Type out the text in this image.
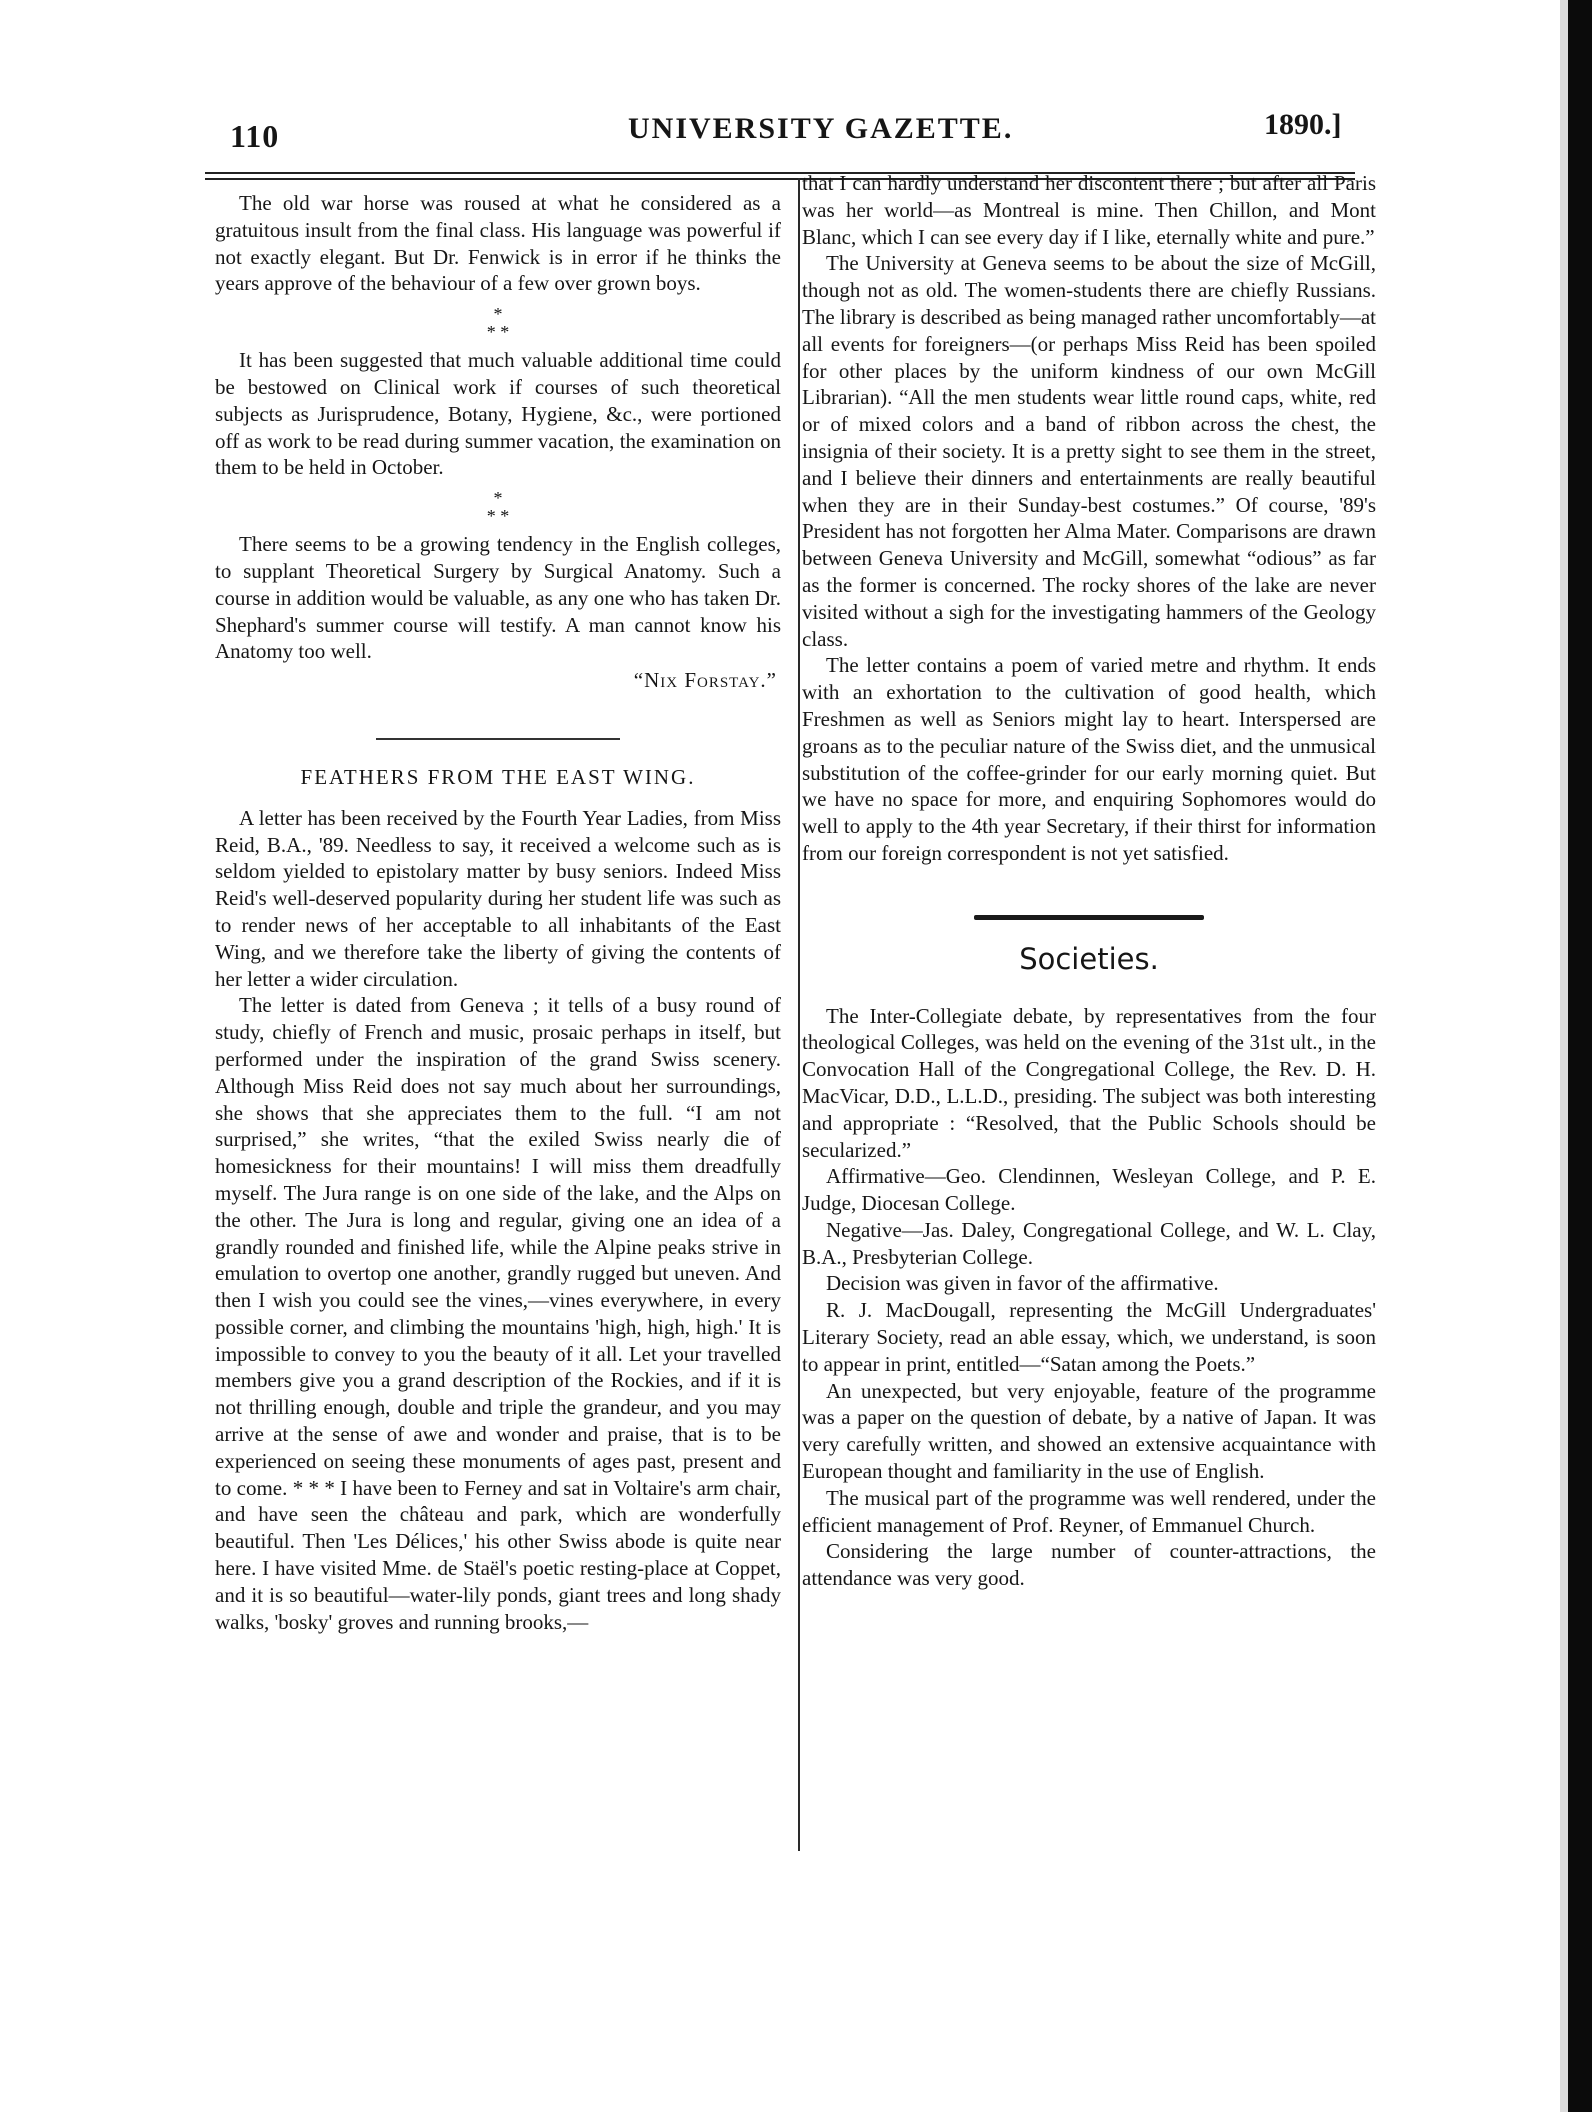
110	UNIVERSITY GAZETTE.	1890.]

The old war horse was roused at what he considered as a gratuitous insult from the final class. His language was powerful if not exactly elegant. But Dr. Fenwick is in error if he thinks the years approve of the behaviour of a few over grown boys.

*
* *

It has been suggested that much valuable additional time could be bestowed on Clinical work if courses of such theoretical subjects as Jurisprudence, Botany, Hygiene, &c., were portioned off as work to be read during summer vacation, the examination on them to be held in October.

*
* *

There seems to be a growing tendency in the English colleges, to supplant Theoretical Surgery by Surgical Anatomy. Such a course in addition would be valuable, as any one who has taken Dr. Shephard's summer course will testify. A man cannot know his Anatomy too well.

“Nix Forstay.”

FEATHERS FROM THE EAST WING.

A letter has been received by the Fourth Year Ladies, from Miss Reid, B.A., '89. Needless to say, it received a welcome such as is seldom yielded to epistolary matter by busy seniors. Indeed Miss Reid's well-deserved popularity during her student life was such as to render news of her acceptable to all inhabitants of the East Wing, and we therefore take the liberty of giving the contents of her letter a wider circulation.

The letter is dated from Geneva ; it tells of a busy round of study, chiefly of French and music, prosaic perhaps in itself, but performed under the inspiration of the grand Swiss scenery. Although Miss Reid does not say much about her surroundings, she shows that she appreciates them to the full. “I am not surprised,” she writes, “that the exiled Swiss nearly die of homesickness for their mountains! I will miss them dreadfully myself. The Jura range is on one side of the lake, and the Alps on the other. The Jura is long and regular, giving one an idea of a grandly rounded and finished life, while the Alpine peaks strive in emulation to overtop one another, grandly rugged but uneven. And then I wish you could see the vines,—vines everywhere, in every possible corner, and climbing the mountains 'high, high, high.' It is impossible to convey to you the beauty of it all. Let your travelled members give you a grand description of the Rockies, and if it is not thrilling enough, double and triple the grandeur, and you may arrive at the sense of awe and wonder and praise, that is to be experienced on seeing these monuments of ages past, present and to come. * * * I have been to Ferney and sat in Voltaire's arm chair, and have seen the château and park, which are wonderfully beautiful. Then 'Les Délices,' his other Swiss abode is quite near here. I have visited Mme. de Staël's poetic resting-place at Coppet, and it is so beautiful—water-lily ponds, giant trees and long shady walks, 'bosky' groves and running brooks,—

that I can hardly understand her discontent there ; but after all Paris was her world—as Montreal is mine. Then Chillon, and Mont Blanc, which I can see every day if I like, eternally white and pure.”

The University at Geneva seems to be about the size of McGill, though not as old. The women-students there are chiefly Russians. The library is described as being managed rather uncomfortably—at all events for foreigners—(or perhaps Miss Reid has been spoiled for other places by the uniform kindness of our own McGill Librarian). “All the men students wear little round caps, white, red or of mixed colors and a band of ribbon across the chest, the insignia of their society. It is a pretty sight to see them in the street, and I believe their dinners and entertainments are really beautiful when they are in their Sunday-best costumes.” Of course, '89's President has not forgotten her Alma Mater. Comparisons are drawn between Geneva University and McGill, somewhat “odious” as far as the former is concerned. The rocky shores of the lake are never visited without a sigh for the investigating hammers of the Geology class.

The letter contains a poem of varied metre and rhythm. It ends with an exhortation to the cultivation of good health, which Freshmen as well as Seniors might lay to heart. Interspersed are groans as to the peculiar nature of the Swiss diet, and the unmusical substitution of the coffee-grinder for our early morning quiet. But we have no space for more, and enquiring Sophomores would do well to apply to the 4th year Secretary, if their thirst for information from our foreign correspondent is not yet satisfied.

Societies.

The Inter-Collegiate debate, by representatives from the four theological Colleges, was held on the evening of the 31st ult., in the Convocation Hall of the Congregational College, the Rev. D. H. MacVicar, D.D., L.L.D., presiding. The subject was both interesting and appropriate : “Resolved, that the Public Schools should be secularized.”

Affirmative—Geo. Clendinnen, Wesleyan College, and P. E. Judge, Diocesan College.

Negative—Jas. Daley, Congregational College, and W. L. Clay, B.A., Presbyterian College.

Decision was given in favor of the affirmative.

R. J. MacDougall, representing the McGill Undergraduates' Literary Society, read an able essay, which, we understand, is soon to appear in print, entitled—“Satan among the Poets.”

An unexpected, but very enjoyable, feature of the programme was a paper on the question of debate, by a native of Japan. It was very carefully written, and showed an extensive acquaintance with European thought and familiarity in the use of English.

The musical part of the programme was well rendered, under the efficient management of Prof. Reyner, of Emmanuel Church.

Considering the large number of counter-attractions, the attendance was very good.
